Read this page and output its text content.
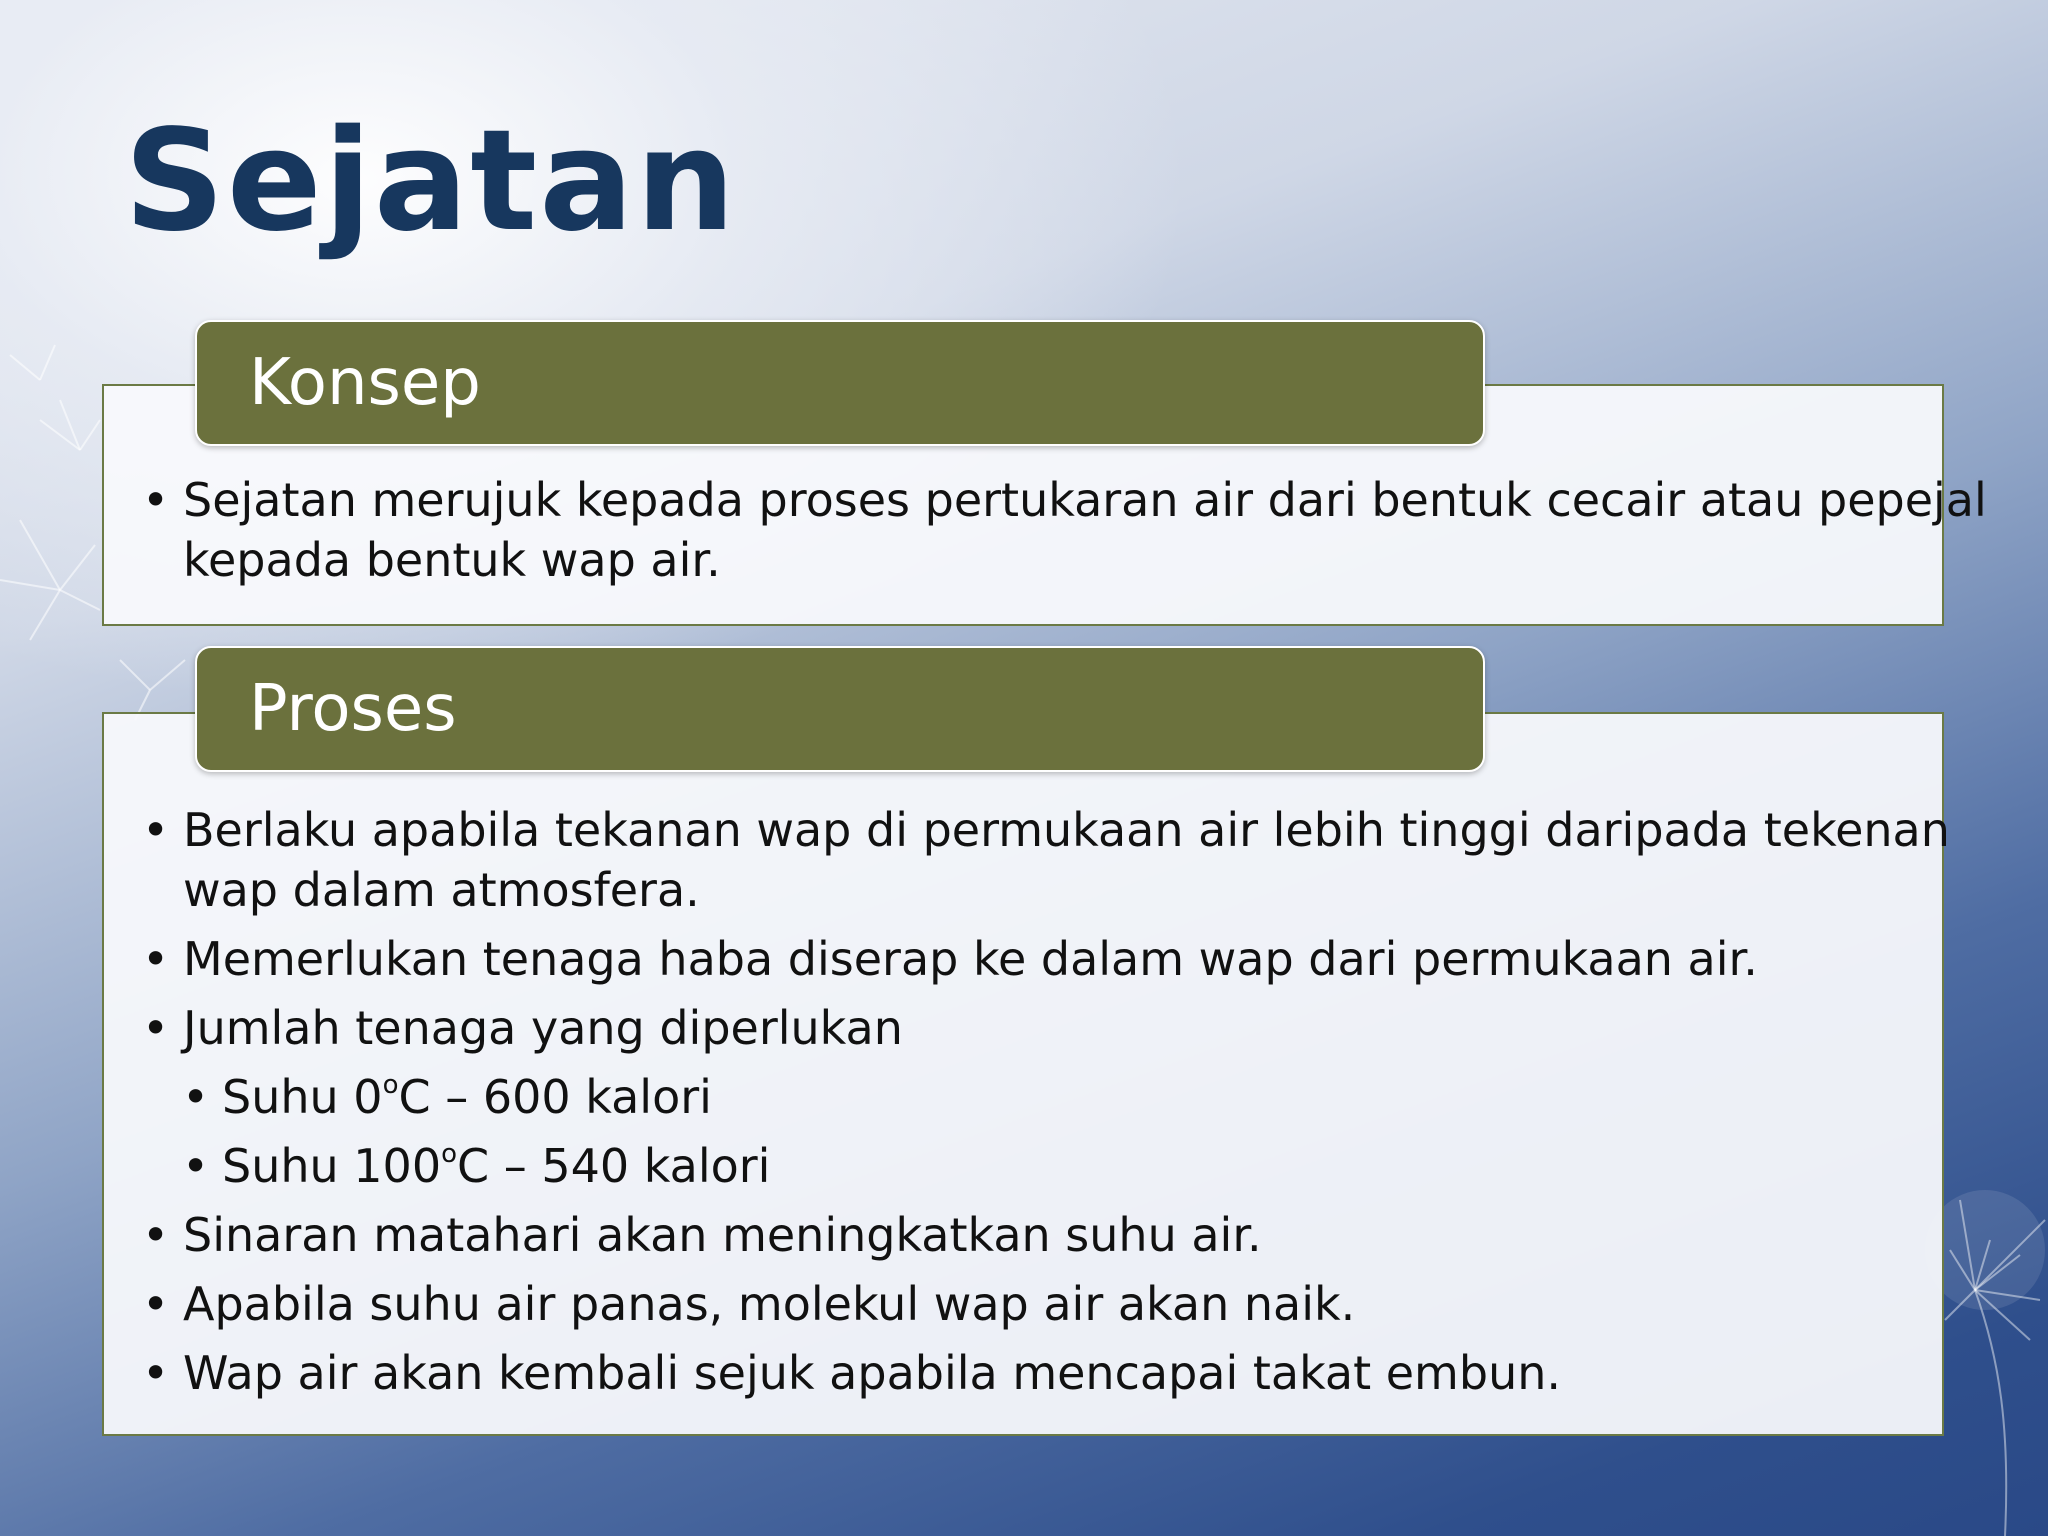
Sejatan
Konsep
• Sejatan merujuk kepada proses pertukaran air dari bentuk cecair atau pepejal kepada bentuk wap air.
Proses
• Berlaku apabila tekanan wap di permukaan air lebih tinggi daripada tekenan wap dalam atmosfera.
• Memerlukan tenaga haba diserap ke dalam wap dari permukaan air.
• Jumlah tenaga yang diperlukan
• Suhu 0$^o$C – 600 kalori
• Suhu 100$^o$C – 540 kalori
• Sinaran matahari akan meningkatkan suhu air.
• Apabila suhu air panas, molekul wap air akan naik.
• Wap air akan kembali sejuk apabila mencapai takat embun.
